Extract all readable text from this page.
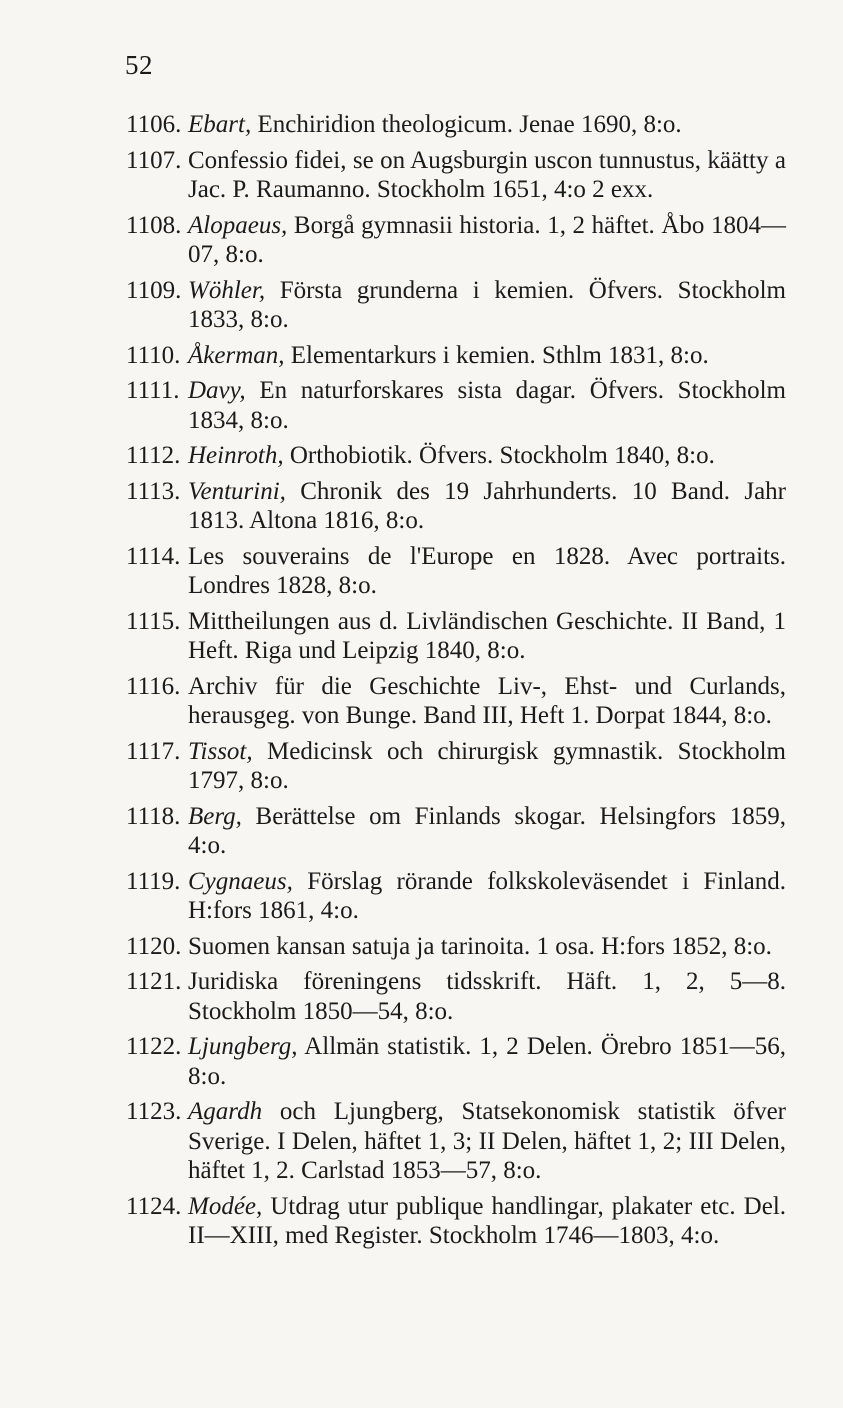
52
1106. Ebart, Enchiridion theologicum. Jenae 1690, 8:o.
1107. Confessio fidei, se on Augsburgin uscon tunnustus, käätty a Jac. P. Raumanno. Stockholm 1651, 4:o 2 exx.
1108. Alopaeus, Borgå gymnasii historia. 1, 2 häftet. Åbo 1804—07, 8:o.
1109. Wöhler, Första grunderna i kemien. Öfvers. Stockholm 1833, 8:o.
1110. Åkerman, Elementarkurs i kemien. Sthlm 1831, 8:o.
1111. Davy, En naturforskares sista dagar. Öfvers. Stockholm 1834, 8:o.
1112. Heinroth, Orthobiotik. Öfvers. Stockholm 1840, 8:o.
1113. Venturini, Chronik des 19 Jahrhunderts. 10 Band. Jahr 1813. Altona 1816, 8:o.
1114. Les souverains de l'Europe en 1828. Avec portraits. Londres 1828, 8:o.
1115. Mittheilungen aus d. Livländischen Geschichte. II Band, 1 Heft. Riga und Leipzig 1840, 8:o.
1116. Archiv für die Geschichte Liv-, Ehst- und Curlands, herausgeg. von Bunge. Band III, Heft 1. Dorpat 1844, 8:o.
1117. Tissot, Medicinsk och chirurgisk gymnastik. Stockholm 1797, 8:o.
1118. Berg, Berättelse om Finlands skogar. Helsingfors 1859, 4:o.
1119. Cygnaeus, Förslag rörande folkskoleväsendet i Finland. H:fors 1861, 4:o.
1120. Suomen kansan satuja ja tarinoita. 1 osa. H:fors 1852, 8:o.
1121. Juridiska föreningens tidsskrift. Häft. 1, 2, 5—8. Stockholm 1850—54, 8:o.
1122. Ljungberg, Allmän statistik. 1, 2 Delen. Örebro 1851—56, 8:o.
1123. Agardh och Ljungberg, Statsekonomisk statistik öfver Sverige. I Delen, häftet 1, 3; II Delen, häftet 1, 2; III Delen, häftet 1, 2. Carlstad 1853—57, 8:o.
1124. Modée, Utdrag utur publique handlingar, plakater etc. Del. II—XIII, med Register. Stockholm 1746—1803, 4:o.
